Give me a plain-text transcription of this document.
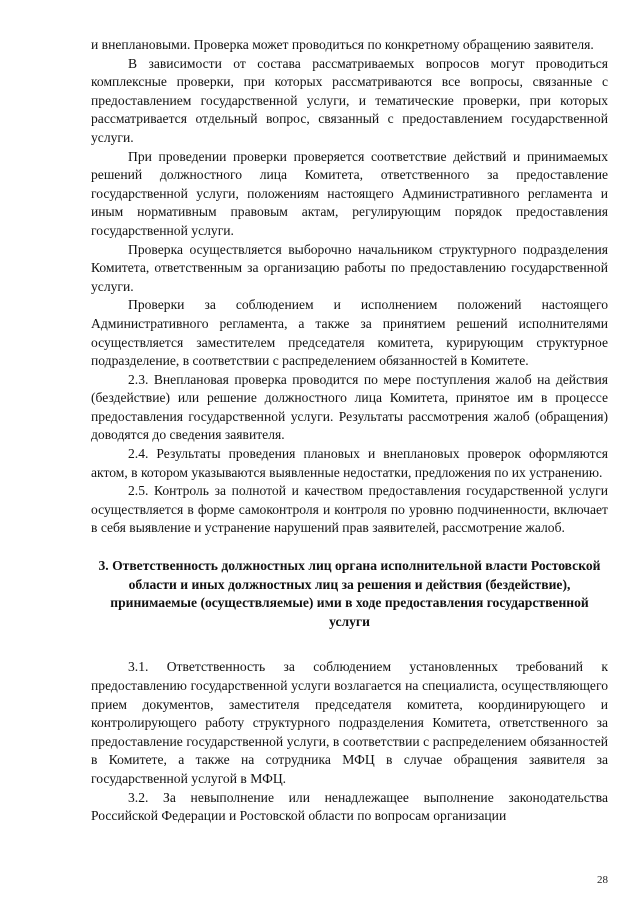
и внеплановыми. Проверка может проводиться по конкретному обращению заявителя.

В зависимости от состава рассматриваемых вопросов могут проводиться комплексные проверки, при которых рассматриваются все вопросы, связанные с предоставлением государственной услуги, и тематические проверки, при которых рассматривается отдельный вопрос, связанный с предоставлением государственной услуги.

При проведении проверки проверяется соответствие действий и принимаемых решений должностного лица Комитета, ответственного за предоставление государственной услуги, положениям настоящего Административного регламента и иным нормативным правовым актам, регулирующим порядок предоставления государственной услуги.

Проверка осуществляется выборочно начальником структурного подразделения Комитета, ответственным за организацию работы по предоставлению государственной услуги.

Проверки за соблюдением и исполнением положений настоящего Административного регламента, а также за принятием решений исполнителями осуществляется заместителем председателя комитета, курирующим структурное подразделение, в соответствии с распределением обязанностей в Комитете.

2.3. Внеплановая проверка проводится по мере поступления жалоб на действия (бездействие) или решение должностного лица Комитета, принятое им в процессе предоставления государственной услуги. Результаты рассмотрения жалоб (обращения) доводятся до сведения заявителя.

2.4. Результаты проведения плановых и внеплановых проверок оформляются актом, в котором указываются выявленные недостатки, предложения по их устранению.

2.5. Контроль за полнотой и качеством предоставления государственной услуги осуществляется в форме самоконтроля и контроля по уровню подчиненности, включает в себя выявление и устранение нарушений прав заявителей, рассмотрение жалоб.

3. Ответственность должностных лиц органа исполнительной власти Ростовской области и иных должностных лиц за решения и действия (бездействие), принимаемые (осуществляемые) ими в ходе предоставления государственной услуги

3.1. Ответственность за соблюдением установленных требований к предоставлению государственной услуги возлагается на специалиста, осуществляющего прием документов, заместителя председателя комитета, координирующего и контролирующего работу структурного подразделения Комитета, ответственного за предоставление государственной услуги, в соответствии с распределением обязанностей в Комитете, а также на сотрудника МФЦ в случае обращения заявителя за государственной услугой в МФЦ.

3.2. За невыполнение или ненадлежащее выполнение законодательства Российской Федерации и Ростовской области по вопросам организации

28
